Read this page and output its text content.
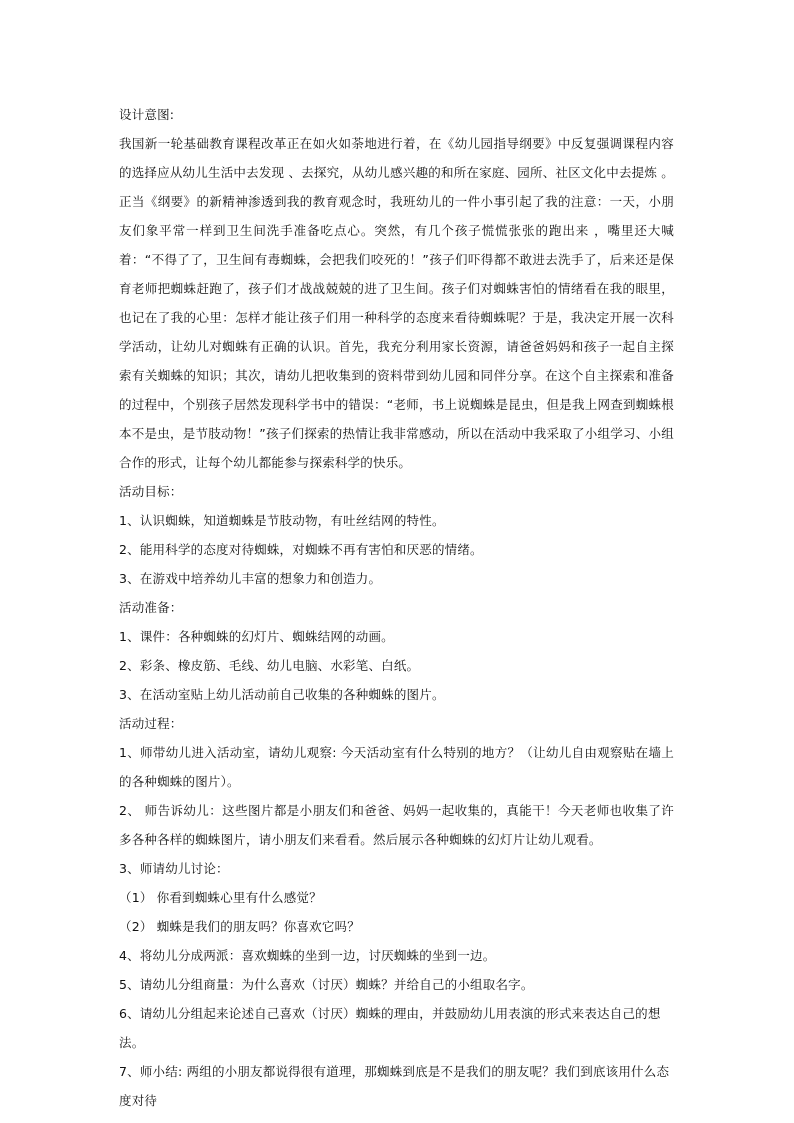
设计意图:

我国新一轮基础教育课程改革正在如火如荼地进行着，在《幼儿园指导纲要》中反复强调课程内容的选择应从幼儿生活中去发现 、去探究，从幼儿感兴趣的和所在家庭、园所、社区文化中去提炼 。正当《纲要》的新精神渗透到我的教育观念时，我班幼儿的一件小事引起了我的注意：一天，小朋友们象平常一样到卫生间洗手准备吃点心。突然，有几个孩子慌慌张张的跑出来 ，嘴里还大喊着：“不得了了，卫生间有毒蜘蛛，会把我们咬死的！”孩子们吓得都不敢进去洗手了，后来还是保育老师把蜘蛛赶跑了，孩子们才战战兢兢的进了卫生间。孩子们对蜘蛛害怕的情绪看在我的眼里，也记在了我的心里：怎样才能让孩子们用一种科学的态度来看待蜘蛛呢？于是，我决定开展一次科学活动，让幼儿对蜘蛛有正确的认识。首先，我充分利用家长资源，请爸爸妈妈和孩子一起自主探索有关蜘蛛的知识；其次，请幼儿把收集到的资料带到幼儿园和同伴分享。在这个自主探索和准备的过程中，个别孩子居然发现科学书中的错误：“老师，书上说蜘蛛是昆虫，但是我上网查到蜘蛛根本不是虫，是节肢动物！”孩子们探索的热情让我非常感动，所以在活动中我采取了小组学习、小组合作的形式，让每个幼儿都能参与探索科学的快乐。

活动目标：

1、认识蜘蛛，知道蜘蛛是节肢动物，有吐丝结网的特性。

2、能用科学的态度对待蜘蛛，对蜘蛛不再有害怕和厌恶的情绪。

3、在游戏中培养幼儿丰富的想象力和创造力。

活动准备：

1、课件：各种蜘蛛的幻灯片、蜘蛛结网的动画。

2、彩条、橡皮筋、毛线、幼儿电脑、水彩笔、白纸。

3、在活动室贴上幼儿活动前自己收集的各种蜘蛛的图片。

活动过程：

1、师带幼儿进入活动室，请幼儿观察: 今天活动室有什么特别的地方？（让幼儿自由观察贴在墙上的各种蜘蛛的图片）。

2、 师告诉幼儿：这些图片都是小朋友们和爸爸、妈妈一起收集的，真能干！今天老师也收集了许多各种各样的蜘蛛图片，请小朋友们来看看。然后展示各种蜘蛛的幻灯片让幼儿观看。

3、师请幼儿讨论：

（1） 你看到蜘蛛心里有什么感觉？

（2） 蜘蛛是我们的朋友吗？你喜欢它吗？

4、将幼儿分成两派：喜欢蜘蛛的坐到一边，讨厌蜘蛛的坐到一边。

5、请幼儿分组商量：为什么喜欢（讨厌）蜘蛛？并给自己的小组取名字。

6、请幼儿分组起来论述自己喜欢（讨厌）蜘蛛的理由，并鼓励幼儿用表演的形式来表达自己的想法。

7、师小结: 两组的小朋友都说得很有道理，那蜘蛛到底是不是我们的朋友呢？我们到底该用什么态度对待
